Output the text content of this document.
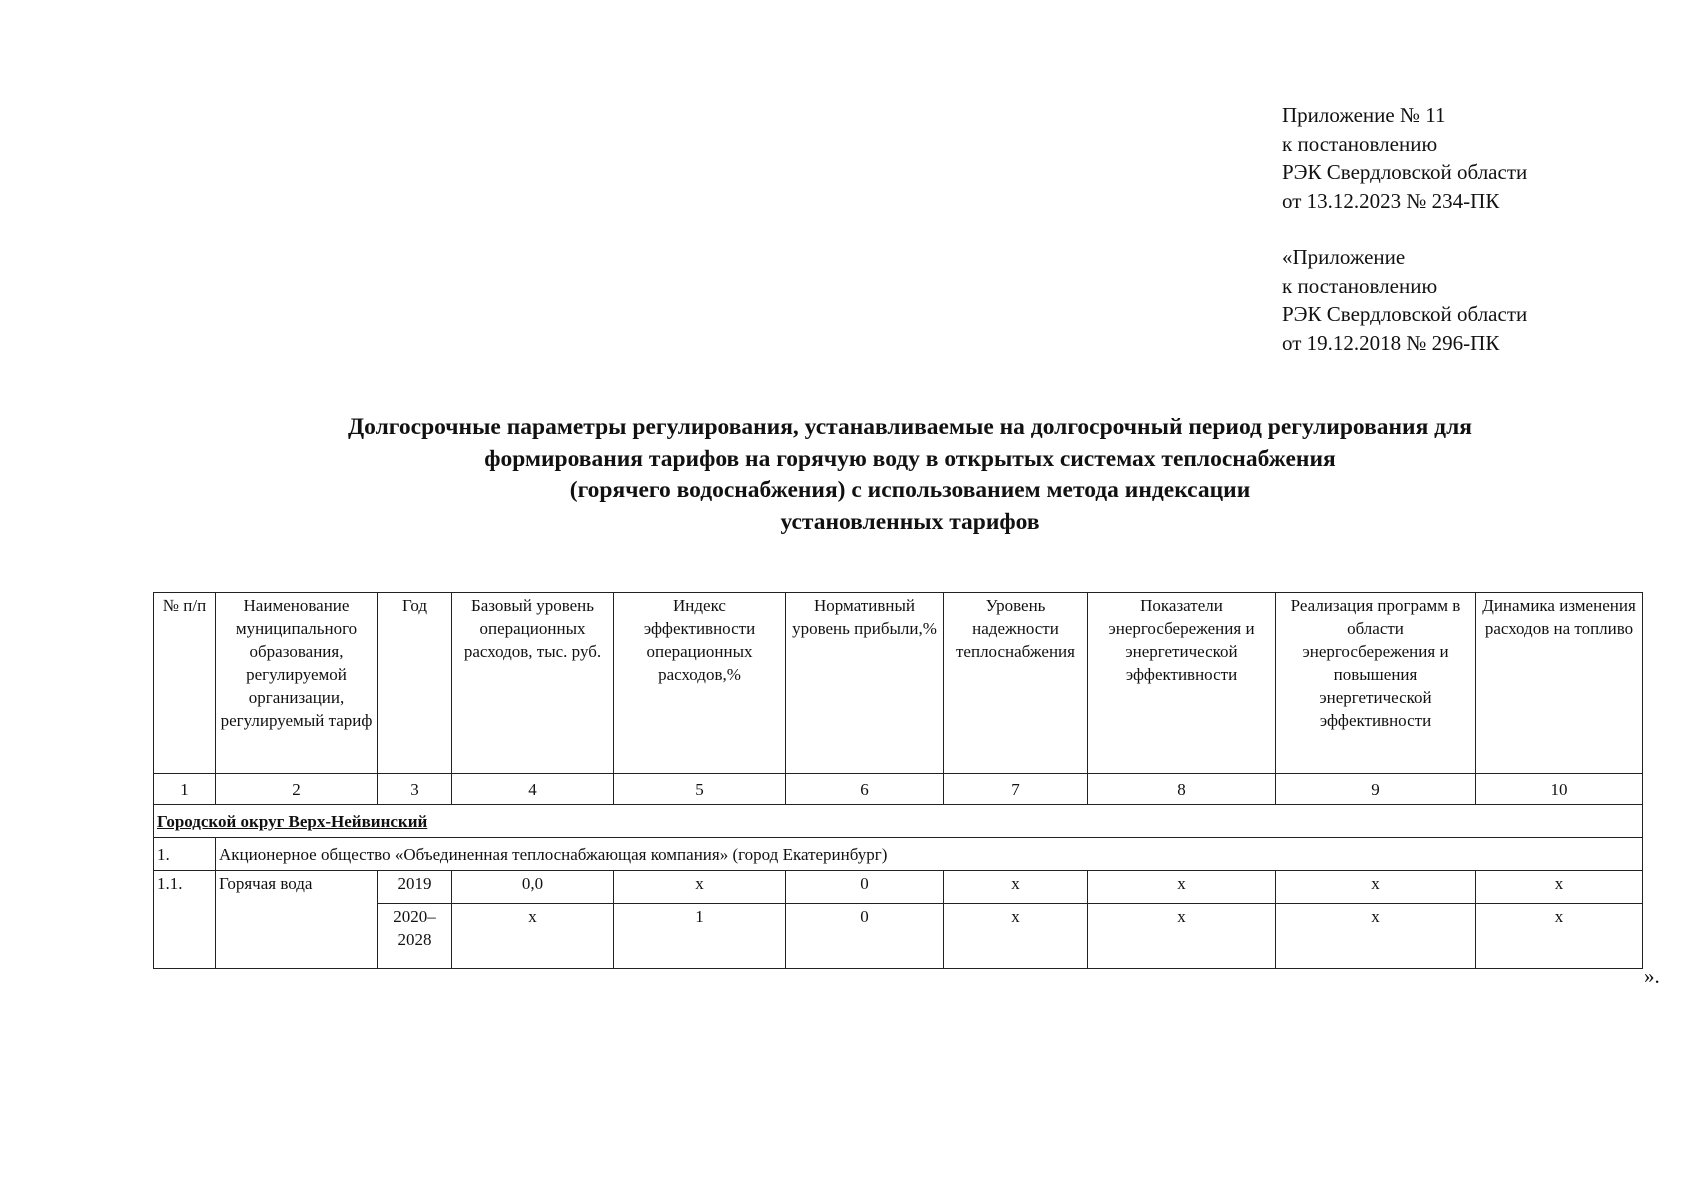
Приложение № 11
к постановлению
РЭК Свердловской области
от 13.12.2023 № 234-ПК
«Приложение
к постановлению
РЭК Свердловской области
от 19.12.2018 № 296-ПК
Долгосрочные параметры регулирования, устанавливаемые на долгосрочный период регулирования для
формирования тарифов на горячую воду в открытых системах теплоснабжения
(горячего водоснабжения) с использованием метода индексации
установленных тарифов
№ п/п	Наименование муниципального образования, регулируемой организации, регулируемый тариф	Год	Базовый уровень операционных расходов, тыс. руб.	Индекс эффективности операционных расходов,%	Нормативный уровень прибыли,%	Уровень надежности теплоснабжения	Показатели энергосбережения и энергетической эффективности	Реализация программ в области энергосбережения и повышения энергетической эффективности	Динамика изменения расходов на топливо
1	2	3	4	5	6	7	8	9	10
Городской округ Верх-Нейвинский									
1.	Акционерное общество «Объединенная теплоснабжающая компания» (город Екатеринбург)								
1.1.	Горячая вода	2019	0,0	х	0	х	х	х	х
		2020–2028	х	1	0	х	х	х	х
».
